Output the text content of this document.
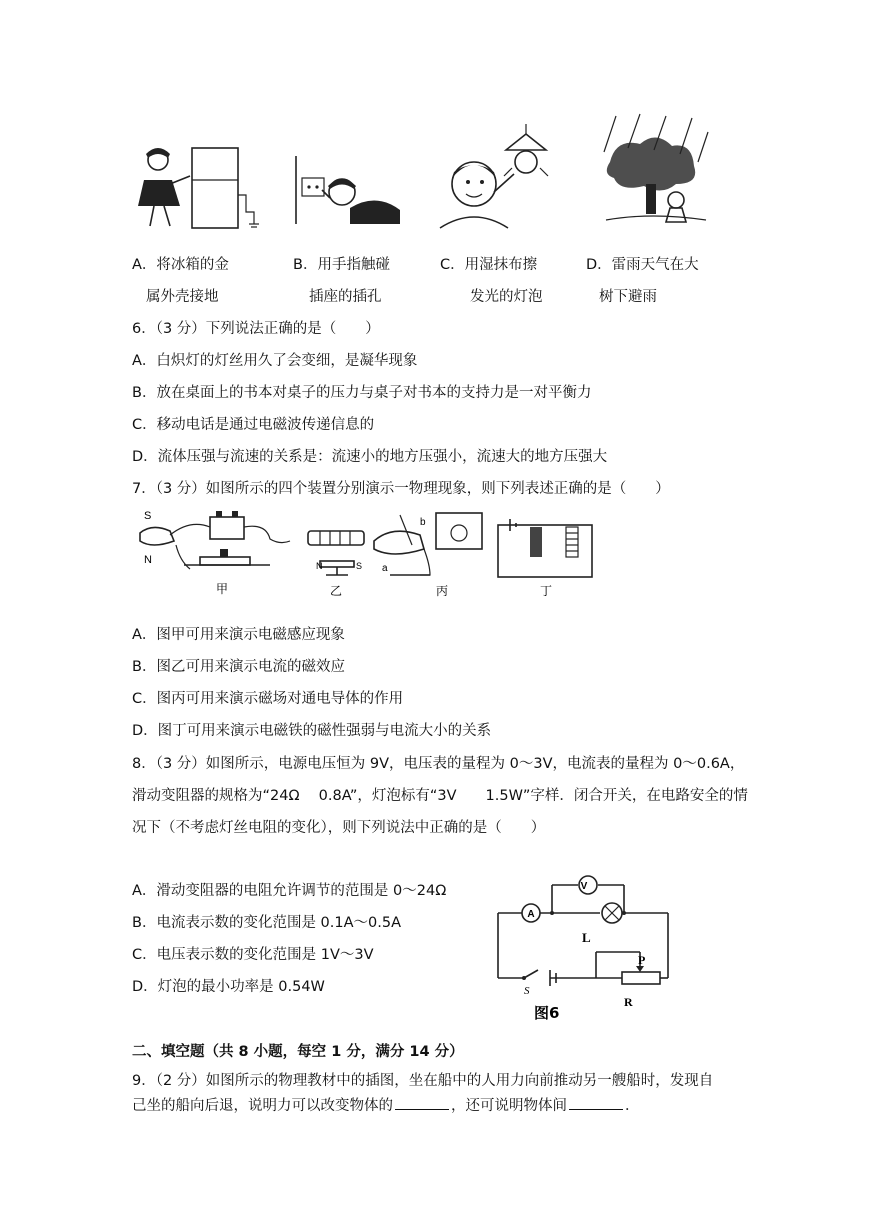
A．将冰箱的金
属外壳接地
B．用手指触碰
插座的插孔
C．用湿抹布擦
发光的灯泡
D．雷雨天气在大
树下避雨
6．（3 分）下列说法正确的是（　　）
A．白炽灯的灯丝用久了会变细，是凝华现象
B．放在桌面上的书本对桌子的压力与桌子对书本的支持力是一对平衡力
C．移动电话是通过电磁波传递信息的
D．流体压强与流速的关系是：流速小的地方压强小，流速大的地方压强大
7．（3 分）如图所示的四个装置分别演示一物理现象，则下列表述正确的是（　　）
S
N
甲
N	S
乙
a
b
丙	丁
A．图甲可用来演示电磁感应现象
B．图乙可用来演示电流的磁效应
C．图丙可用来演示磁场对通电导体的作用
D．图丁可用来演示电磁铁的磁性强弱与电流大小的关系
8．（3 分）如图所示，电源电压恒为 9V，电压表的量程为 0～3V，电流表的量程为 0～0.6A，
滑动变阻器的规格为“24Ω　 0.8A”，灯泡标有“3V　　1.5W”字样．闭合开关，在电路安全的情
况下（不考虑灯丝电阻的变化），则下列说法中正确的是（　　）
A．滑动变阻器的电阻允许调节的范围是 0～24Ω
B．电流表示数的变化范围是 0.1A～0.5A
C．电压表示数的变化范围是 1V～3V
D．灯泡的最小功率是 0.54W
V
A
L
P
R
S
图6
二、填空题（共 8 小题，每空 1 分，满分 14 分）
9．（2 分）如图所示的物理教材中的插图，坐在船中的人用力向前推动另一艘船时，发现自
己坐的船向后退，说明力可以改变物体的	，还可说明物体间	．
